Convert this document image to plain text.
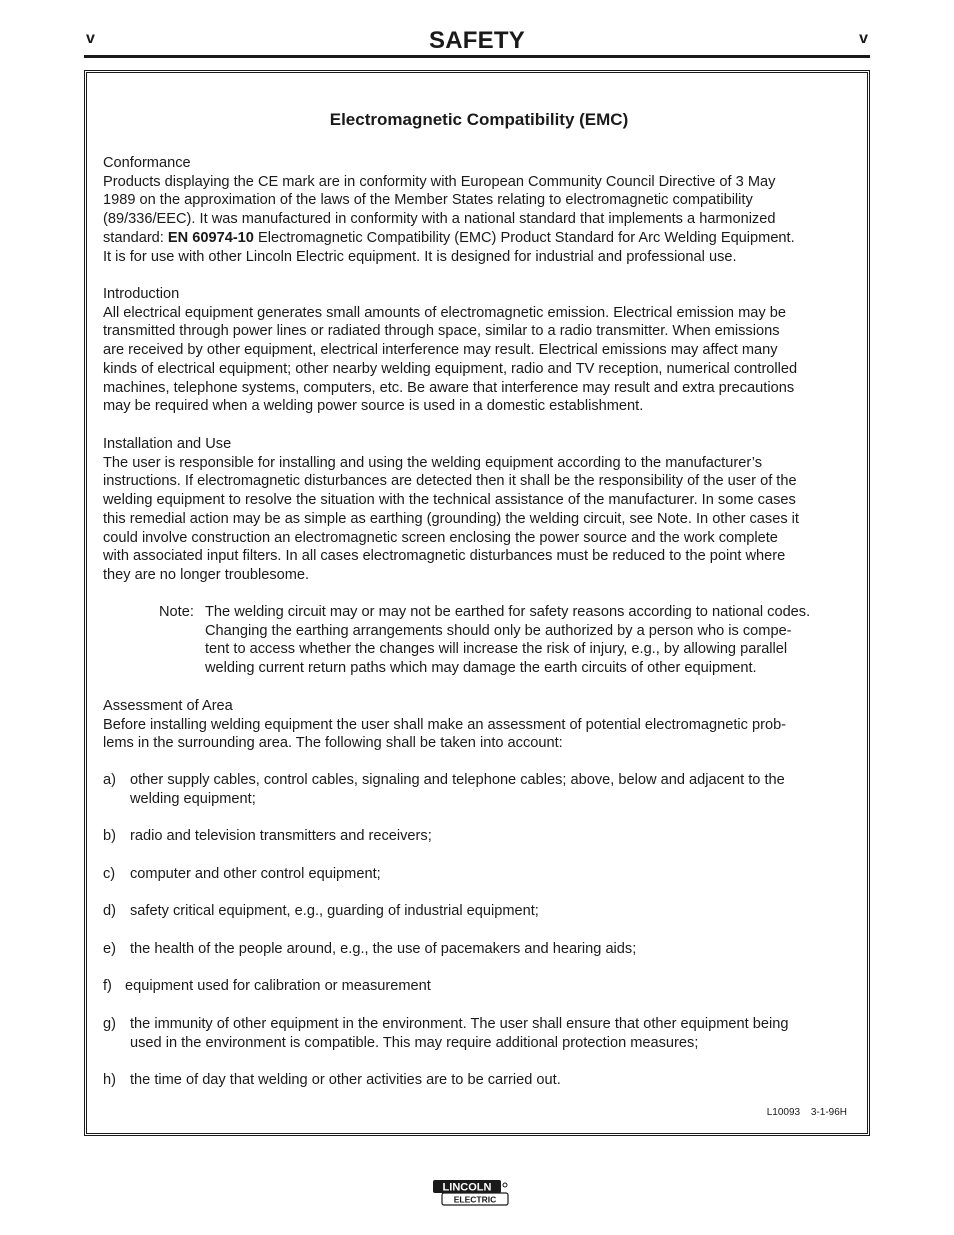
v	SAFETY	v
Electromagnetic Compatibility (EMC)
Conformance
Products displaying the CE mark are in conformity with European Community Council Directive of 3 May
1989 on the approximation of the laws of the Member States relating to electromagnetic compatibility
(89/336/EEC). It was manufactured in conformity with a national standard that implements a harmonized
standard: EN 60974-10 Electromagnetic Compatibility (EMC) Product Standard for Arc Welding Equipment.
It is for use with other Lincoln Electric equipment. It is designed for industrial and professional use.
Introduction
All electrical equipment generates small amounts of electromagnetic emission. Electrical emission may be
transmitted through power lines or radiated through space, similar to a radio transmitter. When emissions
are received by other equipment, electrical interference may result. Electrical emissions may affect many
kinds of electrical equipment; other nearby welding equipment, radio and TV reception, numerical controlled
machines, telephone systems, computers, etc. Be aware that interference may result and extra precautions
may be required when a welding power source is used in a domestic establishment.
Installation and Use
The user is responsible for installing and using the welding equipment according to the manufacturer’s
instructions. If electromagnetic disturbances are detected then it shall be the responsibility of the user of the
welding equipment to resolve the situation with the technical assistance of the manufacturer. In some cases
this remedial action may be as simple as earthing (grounding) the welding circuit, see Note. In other cases it
could involve construction an electromagnetic screen enclosing the power source and the work complete
with associated input filters. In all cases electromagnetic disturbances must be reduced to the point where
they are no longer troublesome.
Note: The welding circuit may or may not be earthed for safety reasons according to national codes.
Changing the earthing arrangements should only be authorized by a person who is compe-
tent to access whether the changes will increase the risk of injury, e.g., by allowing parallel
welding current return paths which may damage the earth circuits of other equipment.
Assessment of Area
Before installing welding equipment the user shall make an assessment of potential electromagnetic prob-
lems in the surrounding area. The following shall be taken into account:
a) other supply cables, control cables, signaling and telephone cables; above, below and adjacent to the
welding equipment;
b) radio and television transmitters and receivers;
c) computer and other control equipment;
d) safety critical equipment, e.g., guarding of industrial equipment;
e) the health of the people around, e.g., the use of pacemakers and hearing aids;
f) equipment used for calibration or measurement
g) the immunity of other equipment in the environment. The user shall ensure that other equipment being
used in the environment is compatible. This may require additional protection measures;
h) the time of day that welding or other activities are to be carried out.
L10093 3-1-96H
LINCOLN
ELECTRIC
